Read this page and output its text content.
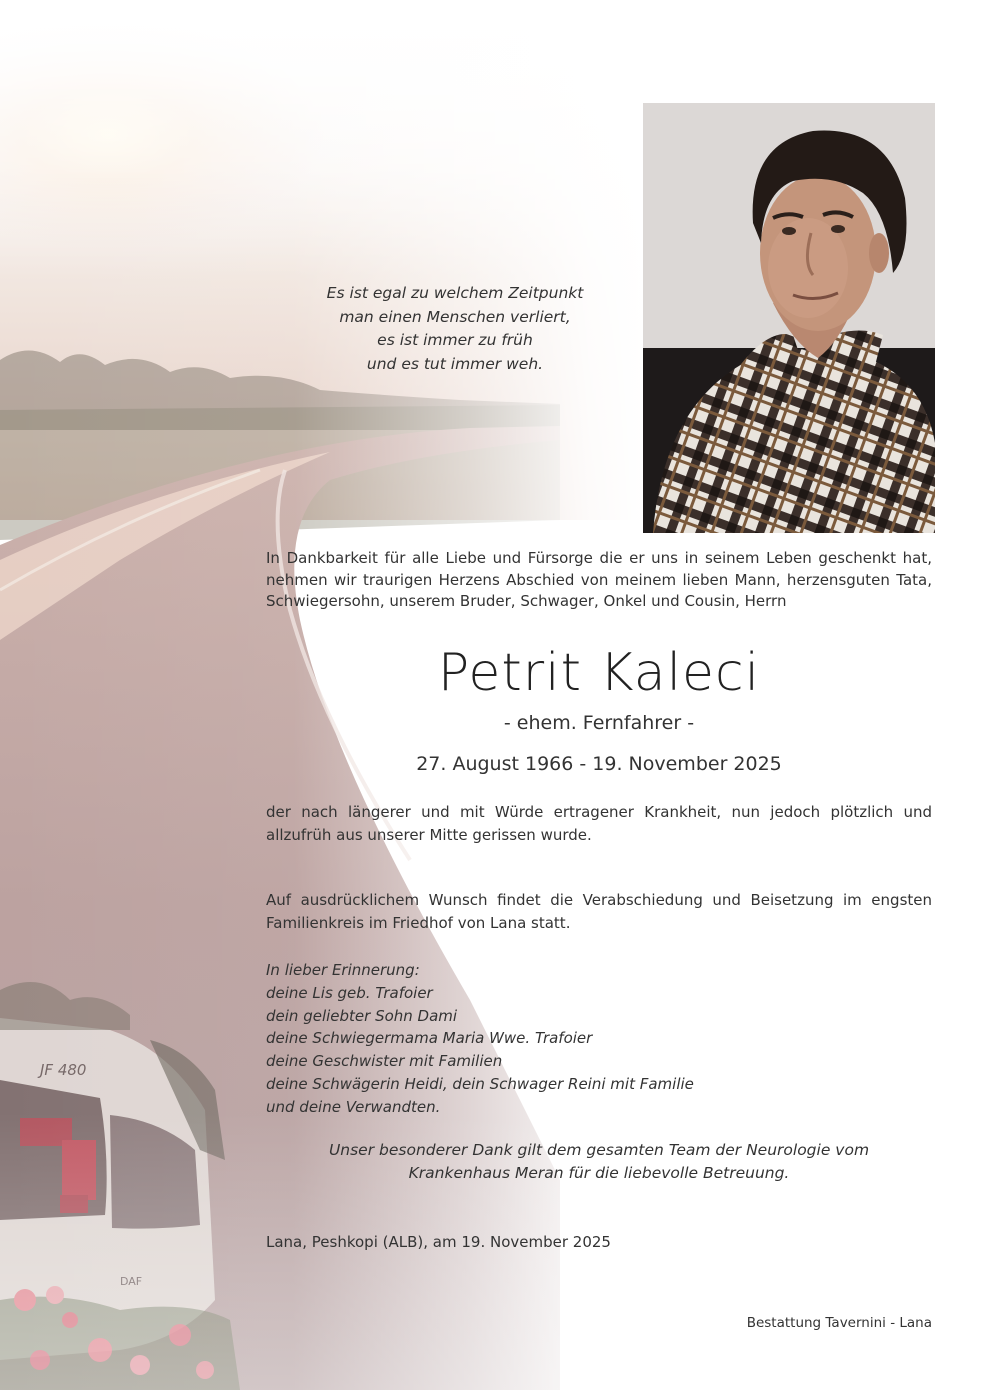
Es ist egal zu welchem Zeitpunkt
man einen Menschen verliert,
es ist immer zu früh
und es tut immer weh.

In Dankbarkeit für alle Liebe und Fürsorge die er uns in seinem Leben geschenkt hat, nehmen wir traurigen Herzens Abschied von meinem lieben Mann, herzensguten Tata, Schwiegersohn, unserem Bruder, Schwager, Onkel und Cousin, Herrn

Petrit Kaleci
- ehem. Fernfahrer -
27. August 1966 - 19. November 2025

der nach längerer und mit Würde ertragener Krankheit, nun jedoch plötzlich und allzufrüh aus unserer Mitte gerissen wurde.

Auf ausdrücklichem Wunsch findet die Verabschiedung und Beisetzung im engsten Familienkreis im Friedhof von Lana statt.

In lieber Erinnerung:
deine Lis geb. Trafoier
dein geliebter Sohn Dami
deine Schwiegermama Maria Wwe. Trafoier
deine Geschwister mit Familien
deine Schwägerin Heidi, dein Schwager Reini mit Familie
und deine Verwandten.
Unser besonderer Dank gilt dem gesamten Team der Neurologie vom
Krankenhaus Meran für die liebevolle Betreuung.
Lana, Peshkopi (ALB), am 19. November 2025
Bestattung Tavernini - Lana
